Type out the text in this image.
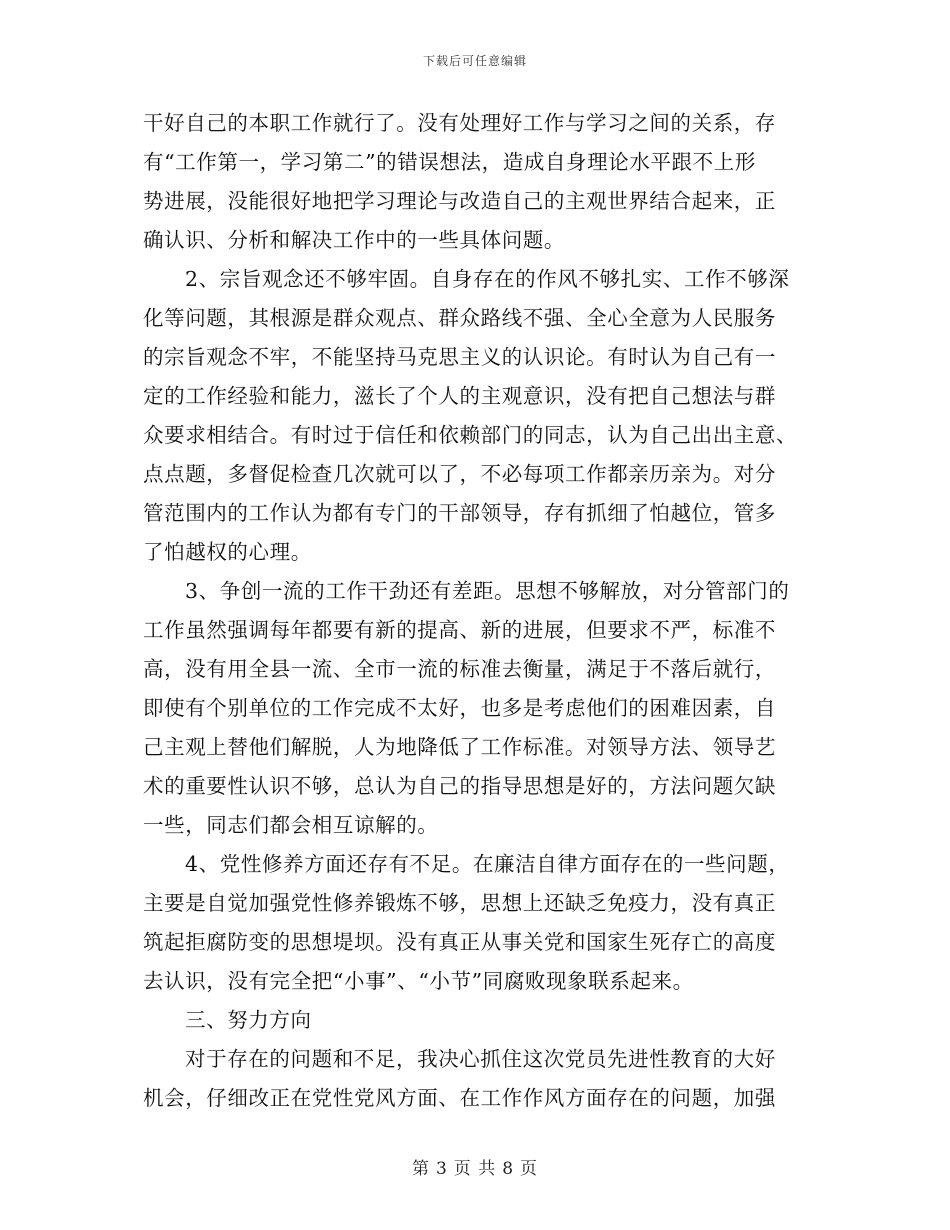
下载后可任意编辑
干好自己的本职工作就行了。没有处理好工作与学习之间的关系，存
有“工作第一，学习第二”的错误想法，造成自身理论水平跟不上形
势进展，没能很好地把学习理论与改造自己的主观世界结合起来，正
确认识、分析和解决工作中的一些具体问题。
2、宗旨观念还不够牢固。自身存在的作风不够扎实、工作不够深
化等问题，其根源是群众观点、群众路线不强、全心全意为人民服务
的宗旨观念不牢，不能坚持马克思主义的认识论。有时认为自己有一
定的工作经验和能力，滋长了个人的主观意识，没有把自己想法与群
众要求相结合。有时过于信任和依赖部门的同志，认为自己出出主意、
点点题，多督促检查几次就可以了，不必每项工作都亲历亲为。对分
管范围内的工作认为都有专门的干部领导，存有抓细了怕越位，管多
了怕越权的心理。
3、争创一流的工作干劲还有差距。思想不够解放，对分管部门的
工作虽然强调每年都要有新的提高、新的进展，但要求不严，标准不
高，没有用全县一流、全市一流的标准去衡量，满足于不落后就行，
即使有个别单位的工作完成不太好，也多是考虑他们的困难因素，自
己主观上替他们解脱，人为地降低了工作标准。对领导方法、领导艺
术的重要性认识不够，总认为自己的指导思想是好的，方法问题欠缺
一些，同志们都会相互谅解的。
4、党性修养方面还存有不足。在廉洁自律方面存在的一些问题，
主要是自觉加强党性修养锻炼不够，思想上还缺乏免疫力，没有真正
筑起拒腐防变的思想堤坝。没有真正从事关党和国家生死存亡的高度
去认识，没有完全把“小事”、“小节”同腐败现象联系起来。
三、努力方向
对于存在的问题和不足，我决心抓住这次党员先进性教育的大好
机会，仔细改正在党性党风方面、在工作作风方面存在的问题，加强
第 3 页 共 8 页
